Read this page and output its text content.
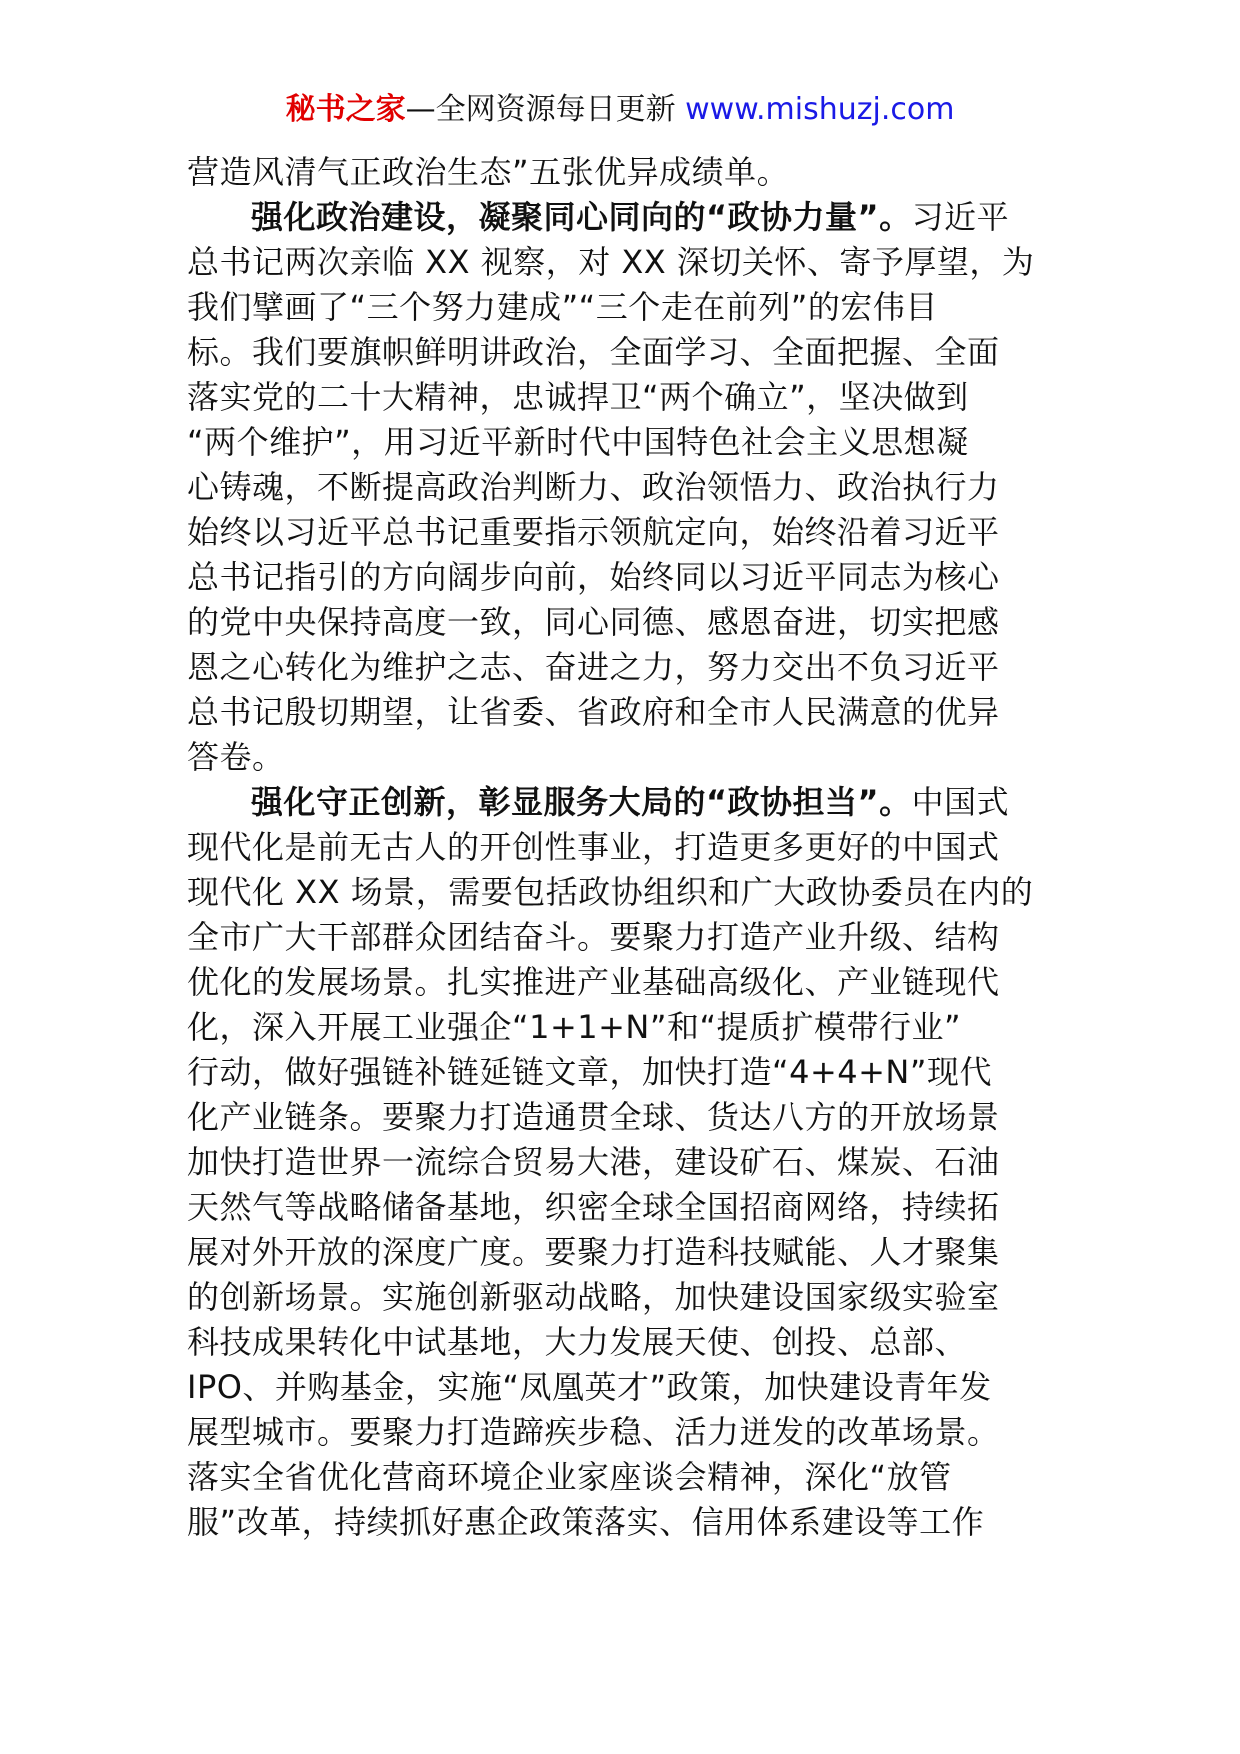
秘书之家—全网资源每日更新 www.mishuzj.com
营造风清气正政治生态”五张优异成绩单。
强化政治建设，凝聚同心同向的“政协力量”。习近平
总书记两次亲临 XX 视察，对 XX 深切关怀、寄予厚望，为
我们擘画了“三个努力建成”“三个走在前列”的宏伟目
标。我们要旗帜鲜明讲政治，全面学习、全面把握、全面
落实党的二十大精神，忠诚捍卫“两个确立”，坚决做到
“两个维护”，用习近平新时代中国特色社会主义思想凝
心铸魂，不断提高政治判断力、政治领悟力、政治执行力
始终以习近平总书记重要指示领航定向，始终沿着习近平
总书记指引的方向阔步向前，始终同以习近平同志为核心
的党中央保持高度一致，同心同德、感恩奋进，切实把感
恩之心转化为维护之志、奋进之力，努力交出不负习近平
总书记殷切期望，让省委、省政府和全市人民满意的优异
答卷。
强化守正创新，彰显服务大局的“政协担当”。中国式
现代化是前无古人的开创性事业，打造更多更好的中国式
现代化 XX 场景，需要包括政协组织和广大政协委员在内的
全市广大干部群众团结奋斗。要聚力打造产业升级、结构
优化的发展场景。扎实推进产业基础高级化、产业链现代
化，深入开展工业强企“1+1+N”和“提质扩模带行业”
行动，做好强链补链延链文章，加快打造“4+4+N”现代
化产业链条。要聚力打造通贯全球、货达八方的开放场景
加快打造世界一流综合贸易大港，建设矿石、煤炭、石油
天然气等战略储备基地，织密全球全国招商网络，持续拓
展对外开放的深度广度。要聚力打造科技赋能、人才聚集
的创新场景。实施创新驱动战略，加快建设国家级实验室
科技成果转化中试基地，大力发展天使、创投、总部、
IPO、并购基金，实施“凤凰英才”政策，加快建设青年发
展型城市。要聚力打造蹄疾步稳、活力迸发的改革场景。
落实全省优化营商环境企业家座谈会精神，深化“放管
服”改革，持续抓好惠企政策落实、信用体系建设等工作
